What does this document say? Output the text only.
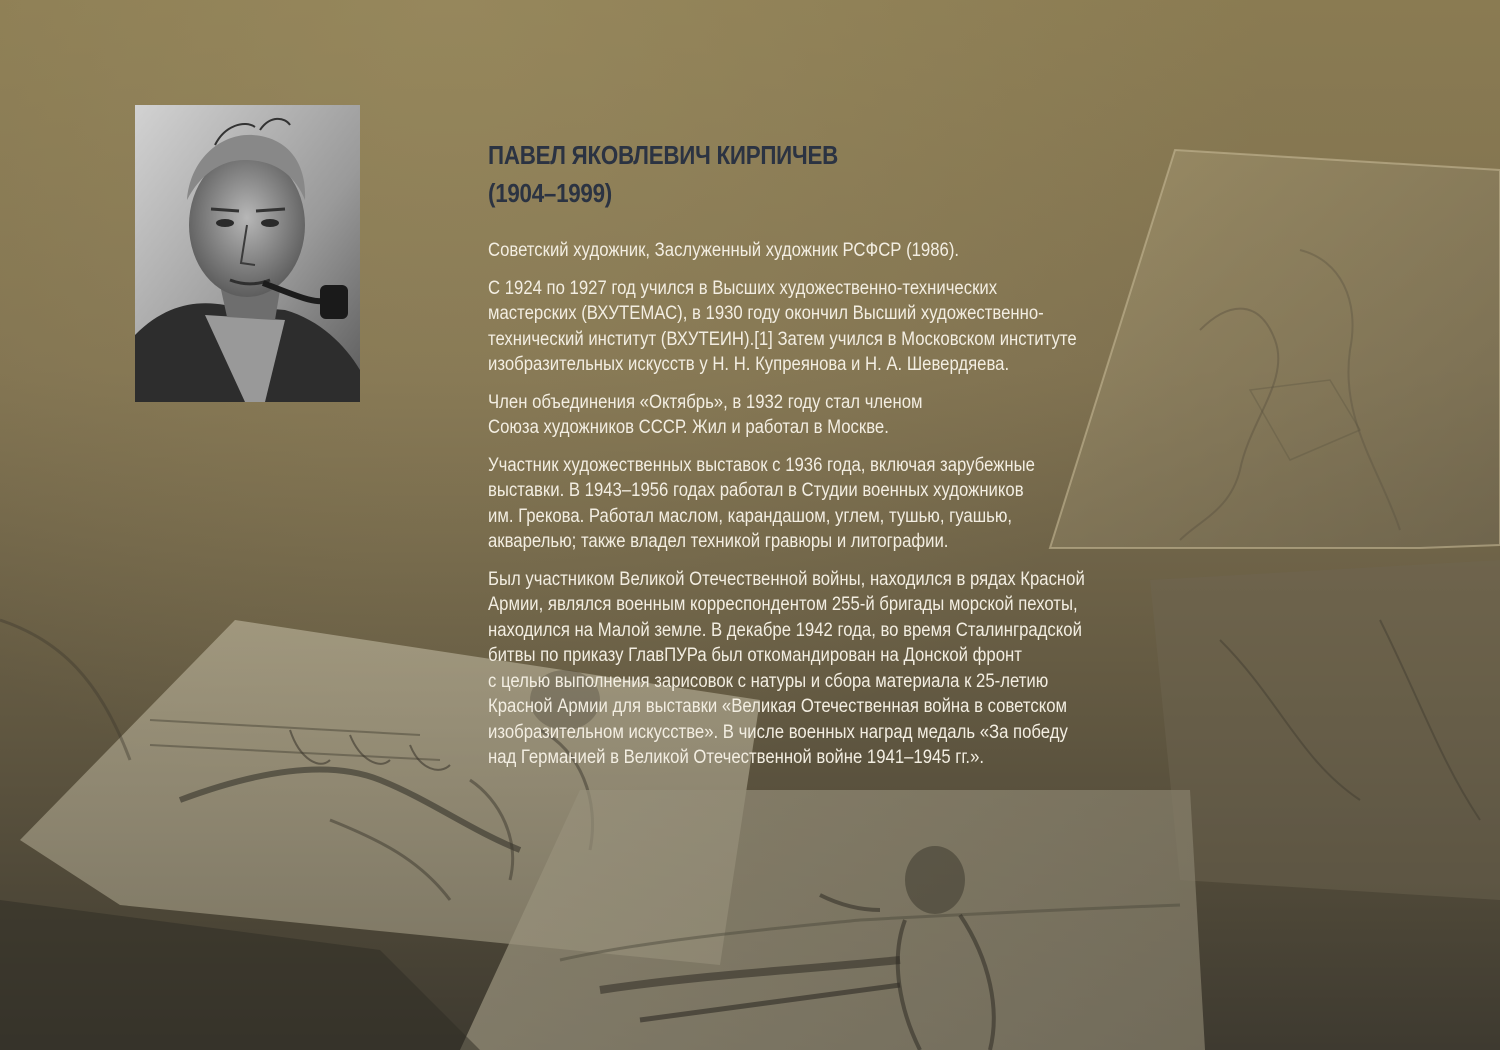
ПАВЕЛ ЯКОВЛЕВИЧ КИРПИЧЕВ
(1904–1999)

Советский художник, Заслуженный художник РСФСР (1986).

С 1924 по 1927 год учился в Высших художественно-технических
мастерских (ВХУТЕМАС), в 1930 году окончил Высший художественно-
технический институт (ВХУТЕИН).[1] Затем учился в Московском институте
изобразительных искусств у Н. Н. Купреянова и Н. А. Шевердяева.

Член объединения «Октябрь», в 1932 году стал членом
Союза художников СССР. Жил и работал в Москве.

Участник художественных выставок с 1936 года, включая зарубежные
выставки. В 1943–1956 годах работал в Студии военных художников
им. Грекова. Работал маслом, карандашом, углем, тушью, гуашью,
акварелью; также владел техникой гравюры и литографии.

Был участником Великой Отечественной войны, находился в рядах Красной
Армии, являлся военным корреспондентом 255-й бригады морской пехоты,
находился на Малой земле. В декабре 1942 года, во время Сталинградской
битвы по приказу ГлавПУРа был откомандирован на Донской фронт
с целью выполнения зарисовок с натуры и сбора материала к 25-летию
Красной Армии для выставки «Великая Отечественная война в советском
изобразительном искусстве». В числе военных наград медаль «За победу
над Германией в Великой Отечественной войне 1941–1945 гг.».
